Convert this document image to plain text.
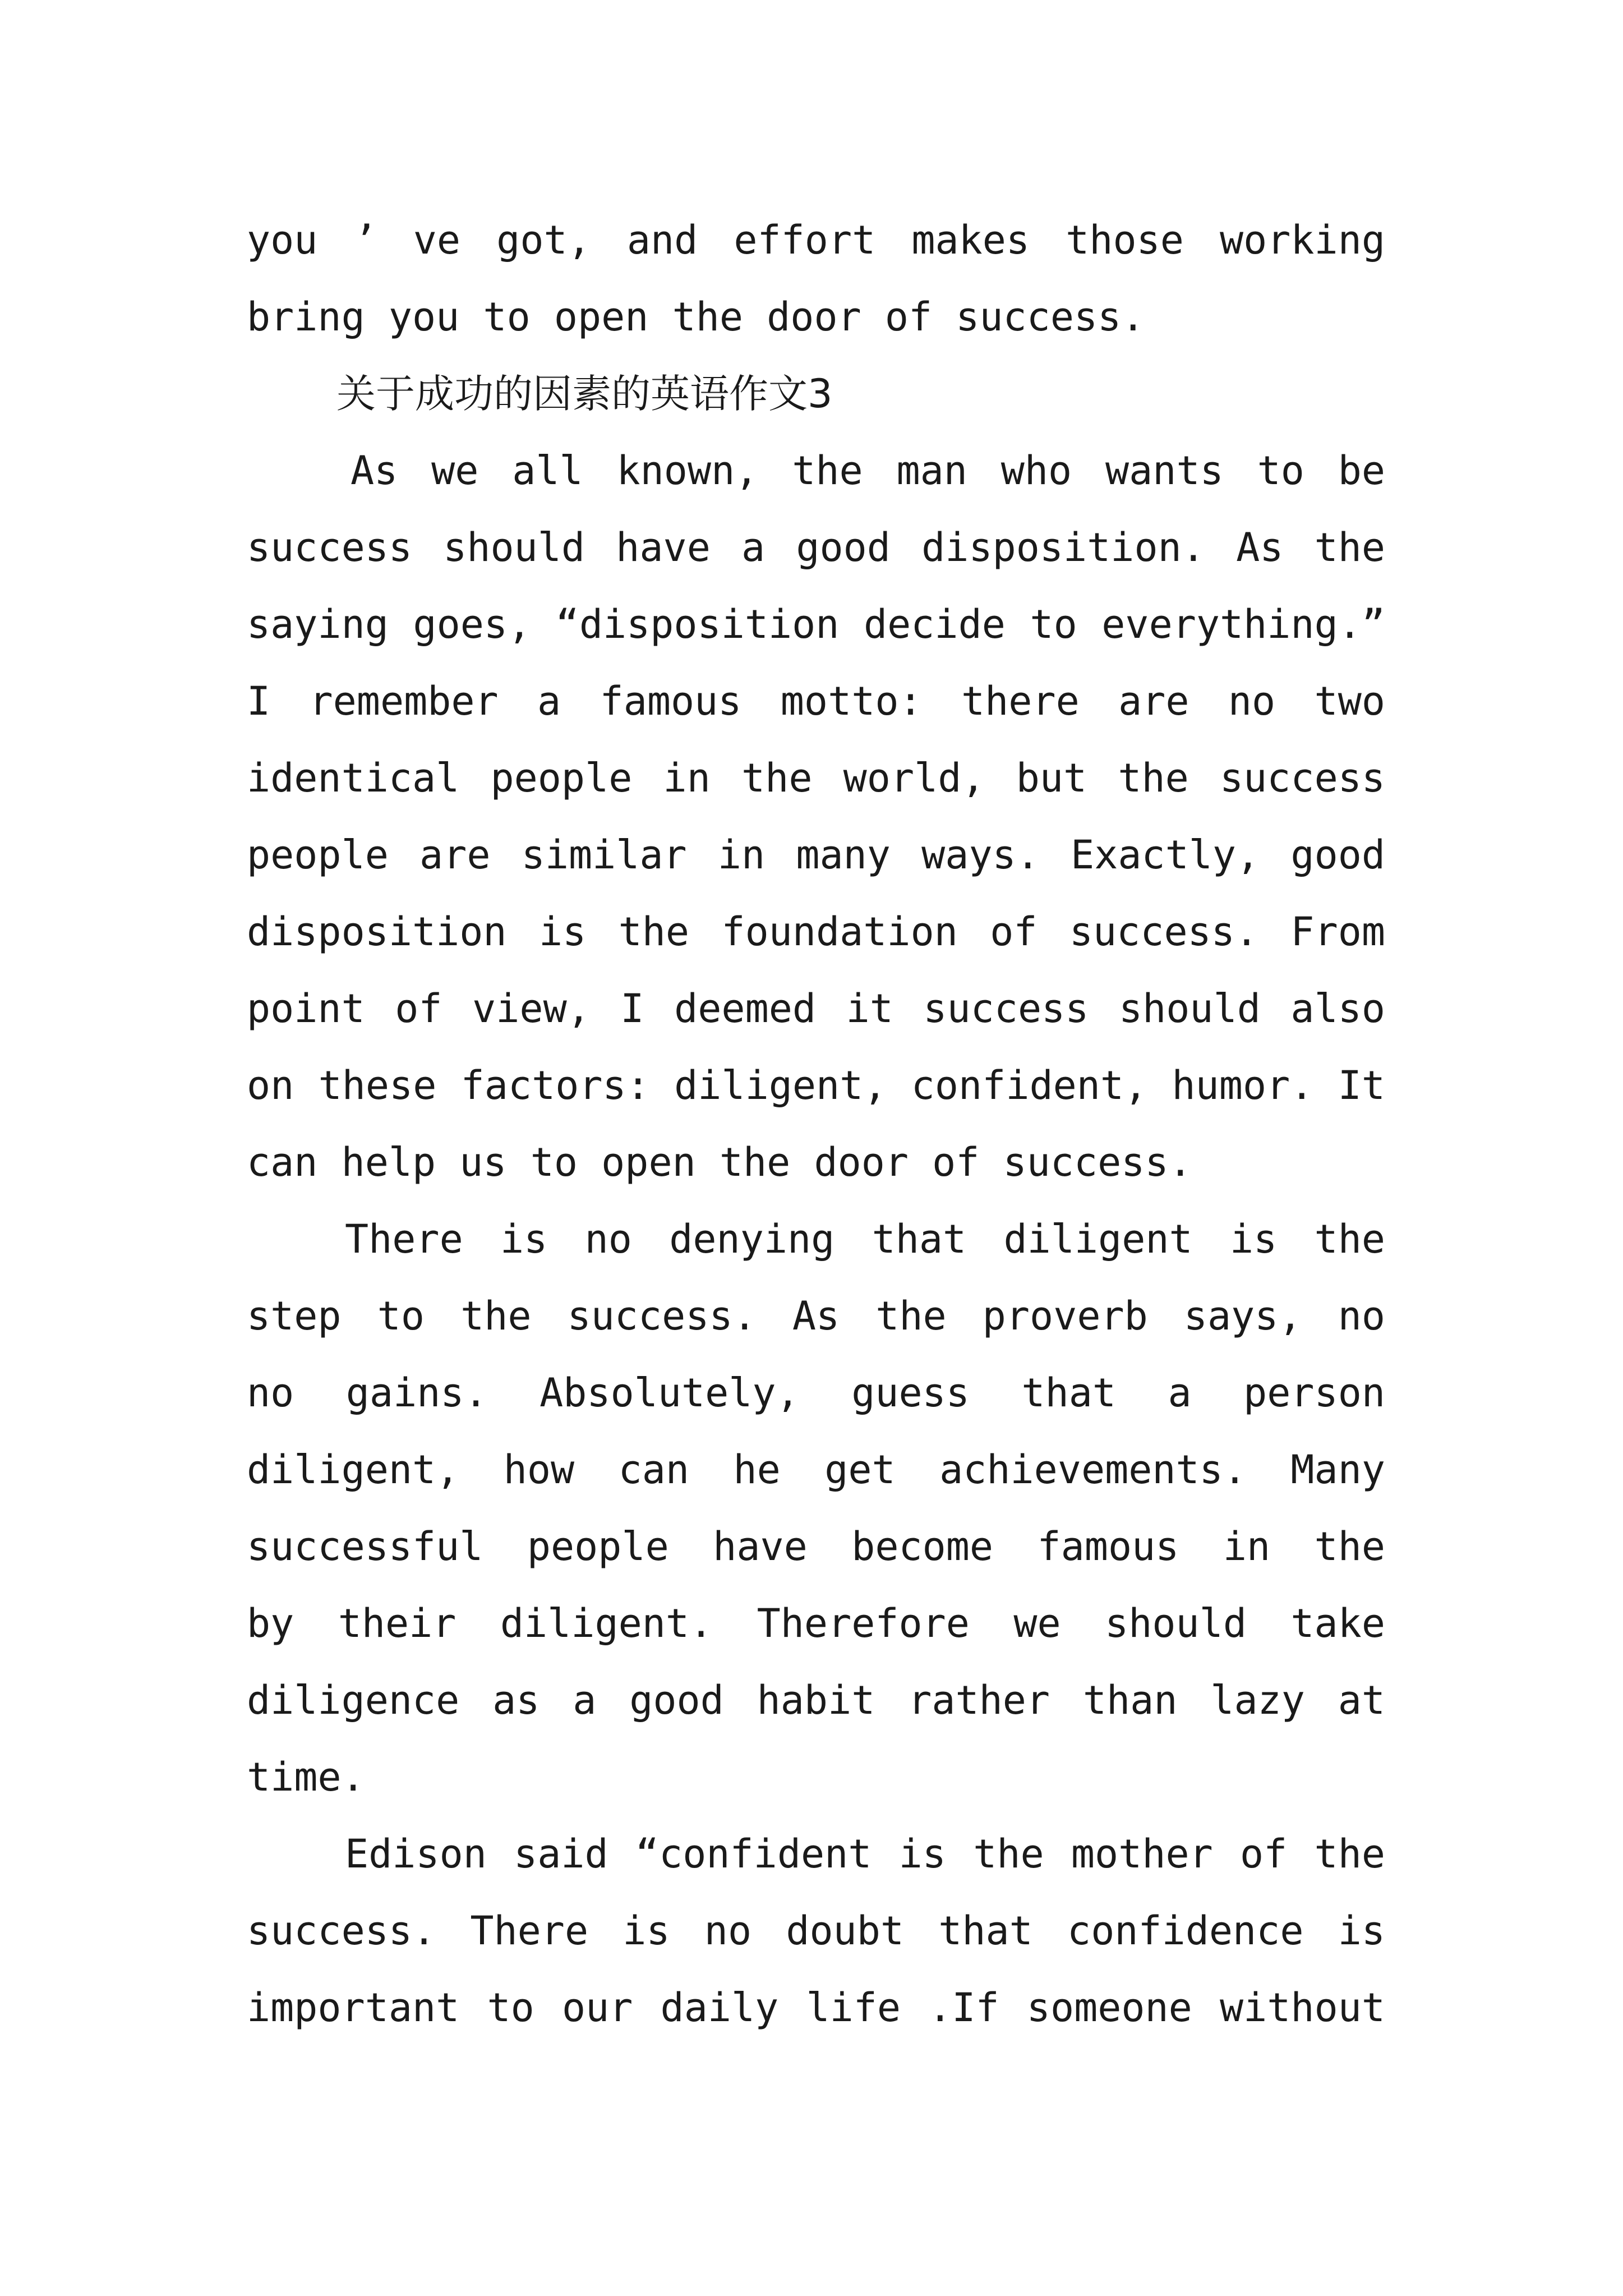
you ’ ve got, and effort makes those working
bring you to open the door of success.
关于成功的因素的英语作文3
As we all known, the man who wants to be
success should have a good disposition. As the
saying goes, “disposition decide to everything.”
I remember a famous motto: there are no two
identical people in the world, but the success
people are similar in many ways. Exactly, good
disposition is the foundation of success. From
point of view, I deemed it success should also
on these factors: diligent, confident, humor. It
can help us to open the door of success.
There is no denying that diligent is the
step to the success. As the proverb says, no
no gains. Absolutely, guess that a person
diligent, how can he get achievements. Many
successful people have become famous in the
by their diligent. Therefore we should take
diligence as a good habit rather than lazy at
time.
Edison said “confident is the mother of the
success. There is no doubt that confidence is
important to our daily life .If someone without
